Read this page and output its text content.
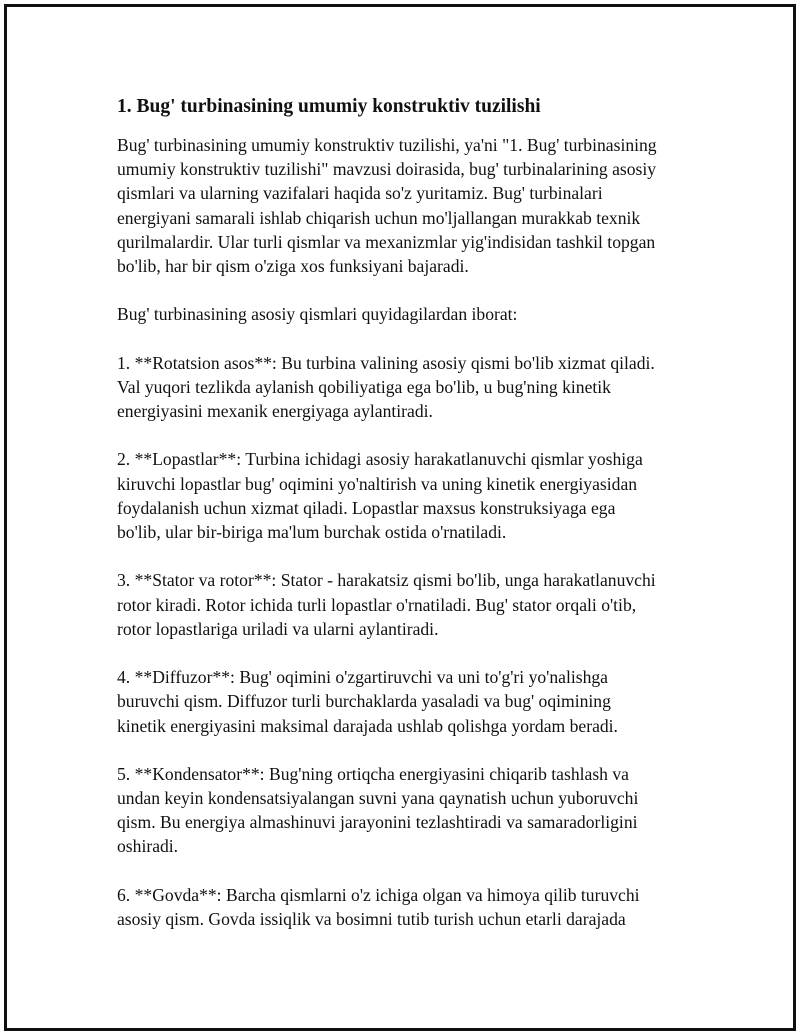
1. Bug' turbinasining umumiy konstruktiv tuzilishi
Bug' turbinasining umumiy konstruktiv tuzilishi, ya'ni "1. Bug' turbinasining
umumiy konstruktiv tuzilishi" mavzusi doirasida, bug' turbinalarining asosiy
qismlari va ularning vazifalari haqida so'z yuritamiz. Bug' turbinalari
energiyani samarali ishlab chiqarish uchun mo'ljallangan murakkab texnik
qurilmalardir. Ular turli qismlar va mexanizmlar yig'indisidan tashkil topgan
bo'lib, har bir qism o'ziga xos funksiyani bajaradi.
Bug' turbinasining asosiy qismlari quyidagilardan iborat:
1. **Rotatsion asos**: Bu turbina valining asosiy qismi bo'lib xizmat qiladi.
Val yuqori tezlikda aylanish qobiliyatiga ega bo'lib, u bug'ning kinetik
energiyasini mexanik energiyaga aylantiradi.
2. **Lopastlar**: Turbina ichidagi asosiy harakatlanuvchi qismlar yoshiga
kiruvchi lopastlar bug' oqimini yo'naltirish va uning kinetik energiyasidan
foydalanish uchun xizmat qiladi. Lopastlar maxsus konstruksiyaga ega
bo'lib, ular bir-biriga ma'lum burchak ostida o'rnatiladi.
3. **Stator va rotor**: Stator - harakatsiz qismi bo'lib, unga harakatlanuvchi
rotor kiradi. Rotor ichida turli lopastlar o'rnatiladi. Bug' stator orqali o'tib,
rotor lopastlariga uriladi va ularni aylantiradi.
4. **Diffuzor**: Bug' oqimini o'zgartiruvchi va uni to'g'ri yo'nalishga
buruvchi qism. Diffuzor turli burchaklarda yasaladi va bug' oqimining
kinetik energiyasini maksimal darajada ushlab qolishga yordam beradi.
5. **Kondensator**: Bug'ning ortiqcha energiyasini chiqarib tashlash va
undan keyin kondensatsiyalangan suvni yana qaynatish uchun yuboruvchi
qism. Bu energiya almashinuvi jarayonini tezlashtiradi va samaradorligini
oshiradi.
6. **Govda**: Barcha qismlarni o'z ichiga olgan va himoya qilib turuvchi
asosiy qism. Govda issiqlik va bosimni tutib turish uchun etarli darajada
